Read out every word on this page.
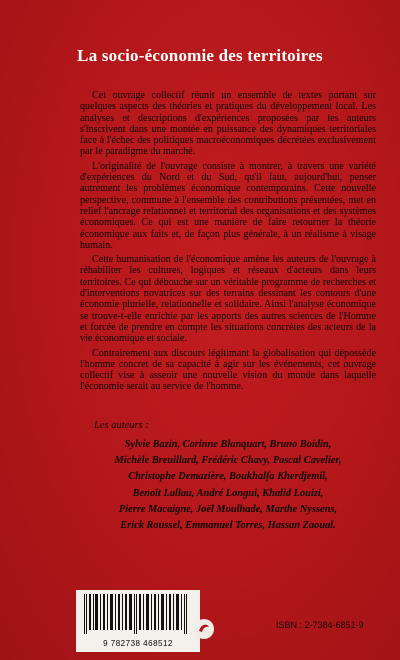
La socio-économie des territoires

Cet ouvrage collectif réunit un ensemble de textes portant sur quelques aspects des théories et pratiques du développement local. Les analyses et descriptions d'expériences proposées par les auteurs s'inscrivent dans une montée en puissance des dynamiques territoriales face à l'échec des politiques macroéconomiques décrétées exclusivement par le paradigme du marché.

L'originalité de l'ouvrage consiste à montrer, à travers une variété d'expériences du Nord et du Sud, qu'il faut, aujourd'hui, penser autrement les problèmes économique contemporains. Cette nouvelle perspective, commune à l'ensemble des contributions présentées, met en relief l'ancrage relationnel et territorial des organisations et des systèmes économiques. Ce qui est une manière de faire retourner la théorie économique aux faits et, de façon plus générale, à un réalisme à visage humain.

Cette humanisation de l'économique amène les auteurs de l'ouvrage à réhabiliter les cultures, logiques et réseaux d'acteurs dans leurs territoires. Ce qui débouche sur un véritable programme de recherches et d'interventions novatrices sur des terrains dessinant les contours d'une économie plurielle, relationnelle et solidaire. Ainsi l'analyse économique se trouve-t-elle enrichie par les apports des autres sciences de l'Homme et forcée de prendre en compte les situations concrètes des acteurs de la vie économique et sociale.

Contrairement aux discours légitimant la globalisation qui dépossède l'homme concret de sa capacité à agir sur les événements, cet ouvrage collectif vise à asseoir une nouvelle vision du monde dans laquelle l'économie serait au service de l'homme.

Les auteurs :
Sylvie Bazin, Corinne Blanquart, Bruno Boidin,
Michèle Breuillard, Frédéric Chavy, Pascal Cavelier,
Christophe Demazière, Boukhalfa Kherdjemil,
Benoît Lallau, André Longui, Khalid Louizi,
Pierre Macaigne, Joël Moulhade, Marthe Nyssens,
Erick Roussel, Emmanuel Torres, Hassan Zaoual.
9 782738 468512
ISBN : 2-7384-6851-9
